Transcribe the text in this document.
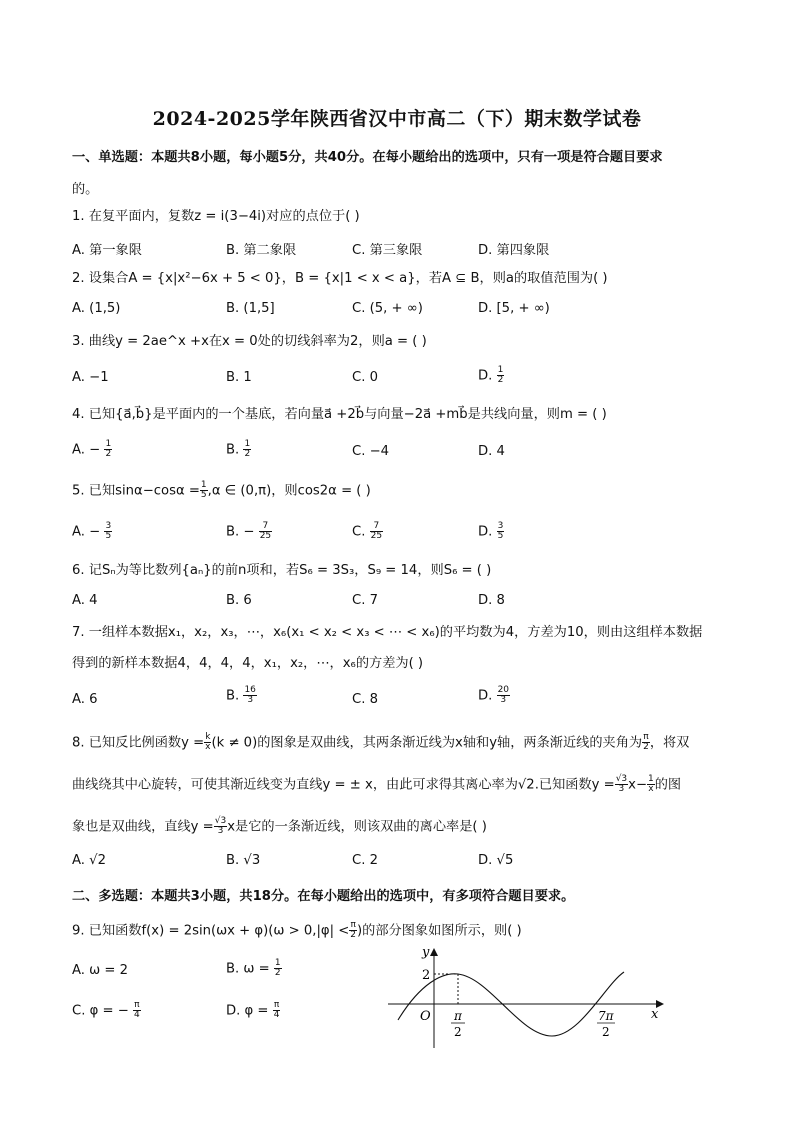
2024-2025学年陕西省汉中市高二（下）期末数学试卷
一、单选题：本题共8小题，每小题5分，共40分。在每小题给出的选项中，只有一项是符合题目要求
的。
1. 在复平面内，复数z = i(3−4i)对应的点位于( )
A. 第一象限	B. 第二象限	C. 第三象限	D. 第四象限
2. 设集合A = {x|x²−6x + 5 < 0}，B = {x|1 < x < a}，若A ⊆ B，则a的取值范围为( )
A. (1,5)	B. (1,5]	C. (5, + ∞)	D. [5, + ∞)
3. 曲线y = 2ae^x +x在x = 0处的切线斜率为2，则a = ( )
A. −1	B. 1	C. 0	D. $\frac{1}{2}$
4. 已知{a⃗,b⃗}是平面内的一个基底，若向量a⃗ +2b⃗与向量−2a⃗ +mb⃗是共线向量，则m = ( )
A. − $\frac{1}{2}$	B. $\frac{1}{2}$	C. −4	D. 4
5. 已知$\sin\alpha-\cos\alpha = \frac{1}{5} ,\alpha$ ∈ (0,π)，则cos2α = ( )
A. − $\frac{3}{5}$	B. − $\frac{7}{25}$	C. $\frac{7}{25}$	D. $\frac{3}{5}$
6. 记Sₙ为等比数列{aₙ}的前n项和，若S₆ = 3S₃，S₉ = 14，则S₆ = ( )
A. 4	B. 6	C. 7	D. 8
7. 一组样本数据x₁，x₂，x₃，⋯，x₆(x₁ < x₂ < x₃ < ⋯ < x₆)的平均数为4，方差为10，则由这组样本数据
得到的新样本数据4，4，4，4，x₁，x₂，⋯，x₆的方差为( )
A. 6	B. $\frac{16}{3}$	C. 8	D. $\frac{20}{3}$
8. 已知反比例函数$y = \frac{k}{x} (k \ne 0)$的图象是双曲线，其两条渐近线为x轴和y轴，两条渐近线的夹角为 $\frac{\pi}{2}$ ，将双
曲线绕其中心旋转，可使其渐近线变为直线y = ± x，由此可求得其离心率为√2.已知函数$y = \frac{√3}{3} x- \frac{1}{x}$ 的图
象也是双曲线，直线$y = \frac{√3}{3}$ x是它的一条渐近线，则该双曲的离心率是( )
A. √2	B. √3	C. 2	D. √5
二、多选题：本题共3小题，共18分。在每小题给出的选项中，有多项符合题目要求。
9. 已知函数$f(x) = 2\sin(\omega x + \varphi)(\omega > 0,|\varphi| < \frac{\pi}{2}$ )的部分图象如图所示，则( )
A. ω = 2	B. $\omega = \frac{1}{2}$
C. φ = − $\frac{\pi}{4}$	D. $\varphi = \frac{\pi}{4}$
y
x
O
2
π
2
7π
2
